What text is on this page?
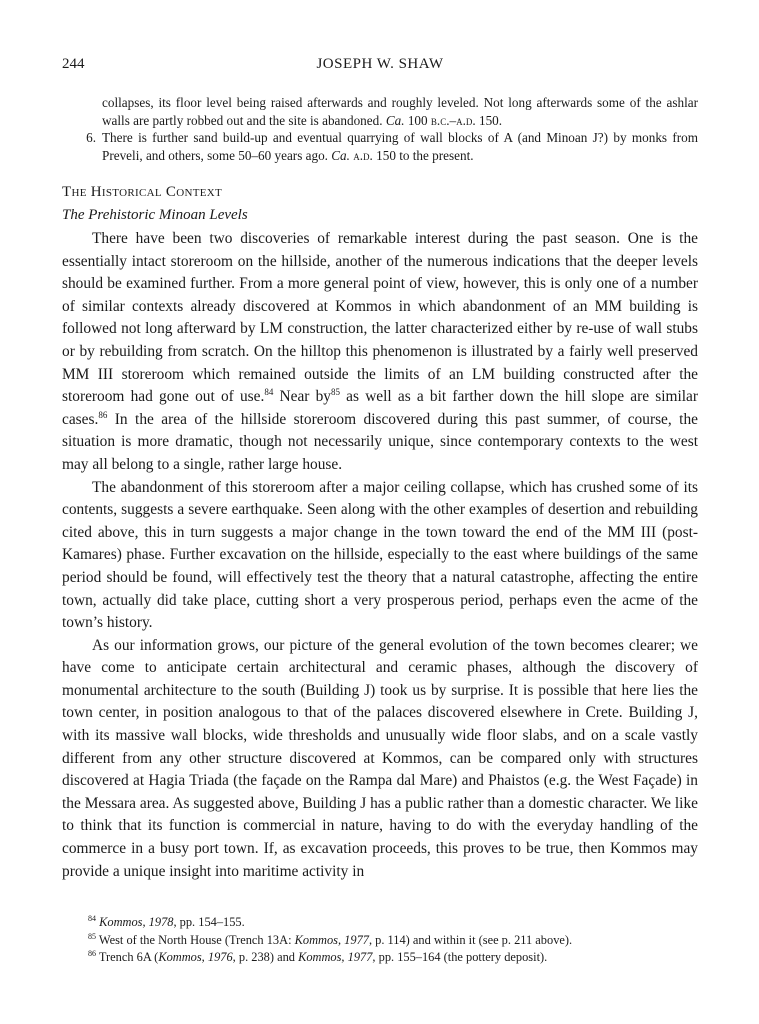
244	JOSEPH W. SHAW
collapses, its floor level being raised afterwards and roughly leveled. Not long afterwards some of the ashlar walls are partly robbed out and the site is abandoned. Ca. 100 b.c.–a.d. 150.
6. There is further sand build-up and eventual quarrying of wall blocks of A (and Minoan J?) by monks from Preveli, and others, some 50–60 years ago. Ca. a.d. 150 to the present.
The Historical Context
The Prehistoric Minoan Levels

There have been two discoveries of remarkable interest during the past season. One is the essentially intact storeroom on the hillside, another of the numerous indications that the deeper levels should be examined further. From a more general point of view, however, this is only one of a number of similar contexts already discovered at Kommos in which abandonment of an MM building is followed not long afterward by LM construction, the latter characterized either by re-use of wall stubs or by rebuilding from scratch. On the hilltop this phenomenon is illustrated by a fairly well preserved MM III storeroom which remained outside the limits of an LM building constructed after the storeroom had gone out of use.$^{84}$ Near $by^{85}$ as well as a bit farther down the hill slope are similar cases.$^{86}$ In the area of the hillside storeroom discovered during this past summer, of course, the situation is more dramatic, though not necessarily unique, since contemporary contexts to the west may all belong to a single, rather large house.

The abandonment of this storeroom after a major ceiling collapse, which has crushed some of its contents, suggests a severe earthquake. Seen along with the other examples of desertion and rebuilding cited above, this in turn suggests a major change in the town toward the end of the MM III (post-Kamares) phase. Further excavation on the hillside, especially to the east where buildings of the same period should be found, will effectively test the theory that a natural catastrophe, affecting the entire town, actually did take place, cutting short a very prosperous period, perhaps even the acme of the town’s history.

As our information grows, our picture of the general evolution of the town becomes clearer; we have come to anticipate certain architectural and ceramic phases, although the discovery of monumental architecture to the south (Building J) took us by surprise. It is possible that here lies the town center, in position analogous to that of the palaces discovered elsewhere in Crete. Building J, with its massive wall blocks, wide thresholds and unusually wide floor slabs, and on a scale vastly different from any other structure discovered at Kommos, can be compared only with structures discovered at Hagia Triada (the façade on the Rampa dal Mare) and Phaistos (e.g. the West Façade) in the Messara area. As suggested above, Building J has a public rather than a domestic character. We like to think that its function is commercial in nature, having to do with the everyday handling of the commerce in a busy port town. If, as excavation proceeds, this proves to be true, then Kommos may provide a unique insight into maritime activity in

$^{84}$ Kommos, 1978, pp. 154–155.
$^{85}$ West of the North House (Trench 13A: Kommos, 1977, p. 114) and within it (see p. 211 above).
$^{86}$ Trench 6A (Kommos, 1976, p. 238) and Kommos, 1977, pp. 155–164 (the pottery deposit).
